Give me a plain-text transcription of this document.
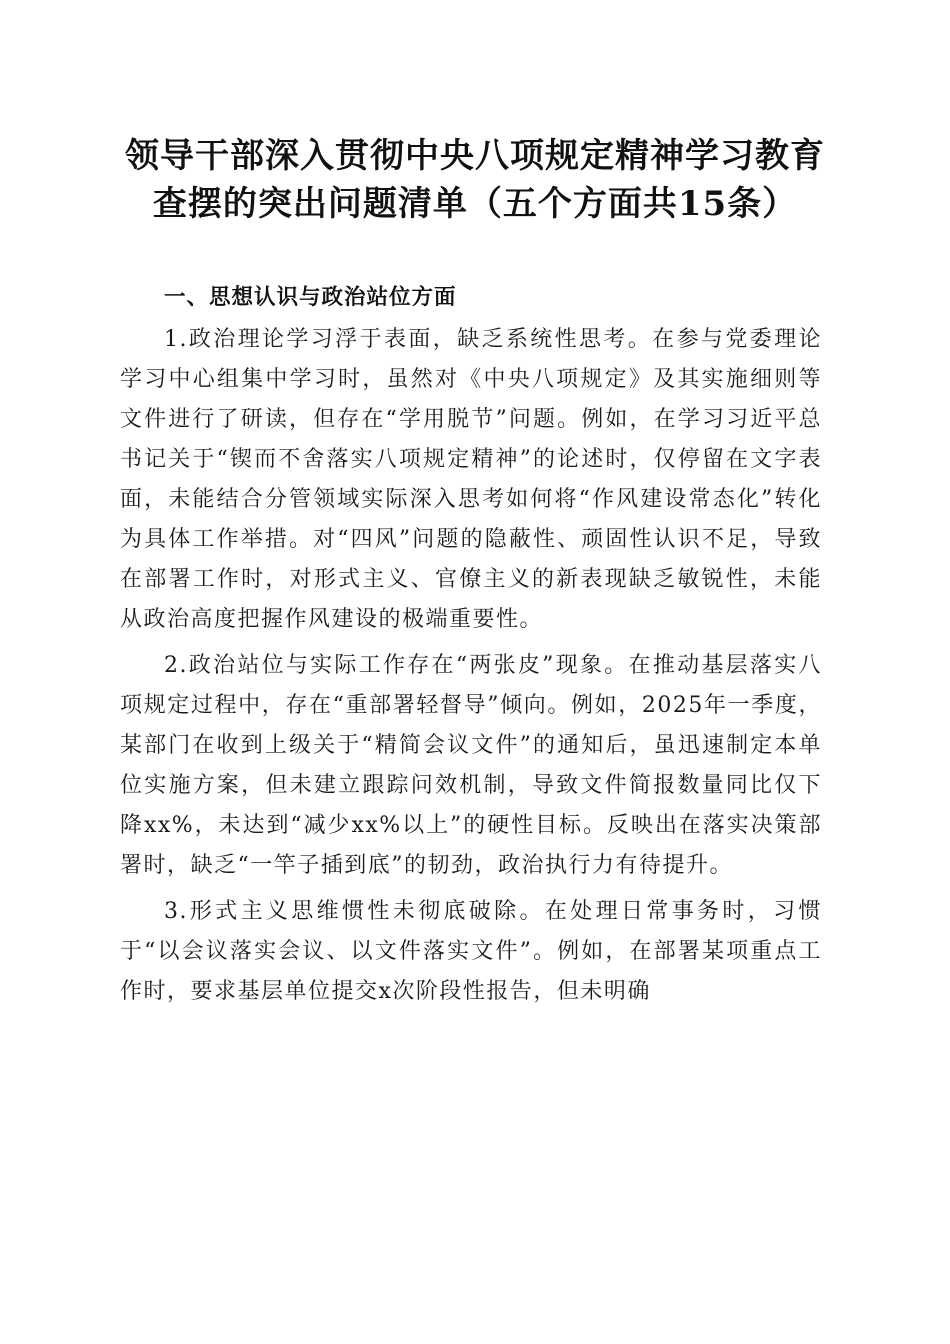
领导干部深入贯彻中央八项规定精神学习教育
查摆的突出问题清单（五个方面共15条）
一、思想认识与政治站位方面

1.政治理论学习浮于表面，缺乏系统性思考。在参与党委理论学习中心组集中学习时，虽然对《中央八项规定》及其实施细则等文件进行了研读，但存在“学用脱节”问题。例如，在学习习近平总书记关于“锲而不舍落实八项规定精神”的论述时，仅停留在文字表面，未能结合分管领域实际深入思考如何将“作风建设常态化”转化为具体工作举措。对“四风”问题的隐蔽性、顽固性认识不足，导致在部署工作时，对形式主义、官僚主义的新表现缺乏敏锐性，未能从政治高度把握作风建设的极端重要性。

2.政治站位与实际工作存在“两张皮”现象。在推动基层落实八项规定过程中，存在“重部署轻督导”倾向。例如，2025年一季度，某部门在收到上级关于“精简会议文件”的通知后，虽迅速制定本单位实施方案，但未建立跟踪问效机制，导致文件简报数量同比仅下降xx%，未达到“减少xx%以上”的硬性目标。反映出在落实决策部署时，缺乏“一竿子插到底”的韧劲，政治执行力有待提升。

3.形式主义思维惯性未彻底破除。在处理日常事务时，习惯于“以会议落实会议、以文件落实文件”。例如，在部署某项重点工作时，要求基层单位提交x次阶段性报告，但未明确
